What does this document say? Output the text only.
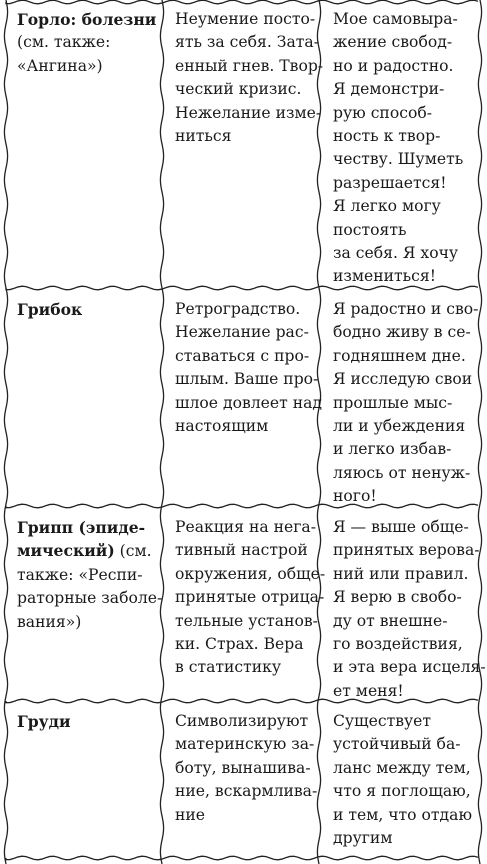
Горло: болезни
(см. также:
«Ангина»)
Неумение посто-
ять за себя. Зата-
енный гнев. Твор-
ческий кризис.
Нежелание изме-
ниться
Мое самовыра-
жение свобод-
но и радостно.
Я демонстри-
рую способ-
ность к твор-
честву. Шуметь
разрешается!
Я легко могу
постоять
за себя. Я хочу
измениться!
Грибок	Ретроградство.
Нежелание рас-
ставаться с про-
шлым. Ваше про-
шлое довлеет над
настоящим
Я радостно и сво-
бодно живу в се-
годняшнем дне.
Я исследую свои
прошлые мыс-
ли и убеждения
и легко избав-
ляюсь от ненуж-
ного!
Грипп (эпиде-
мический) (см.
также: «Респи-
раторные заболе-
вания»)
Реакция на нега-
тивный настрой
окружения, обще-
принятые отрица-
тельные установ-
ки. Страх. Вера
в статистику
Я — выше обще-
принятых верова-
ний или правил.
Я верю в свобо-
ду от внешне-
го воздействия,
и эта вера исцеля-
ет меня!
Груди	Символизируют
материнскую за-
боту, вынашива-
ние, вскармлива-
ние
Существует
устойчивый ба-
ланс между тем,
что я поглощаю,
и тем, что отдаю
другим
